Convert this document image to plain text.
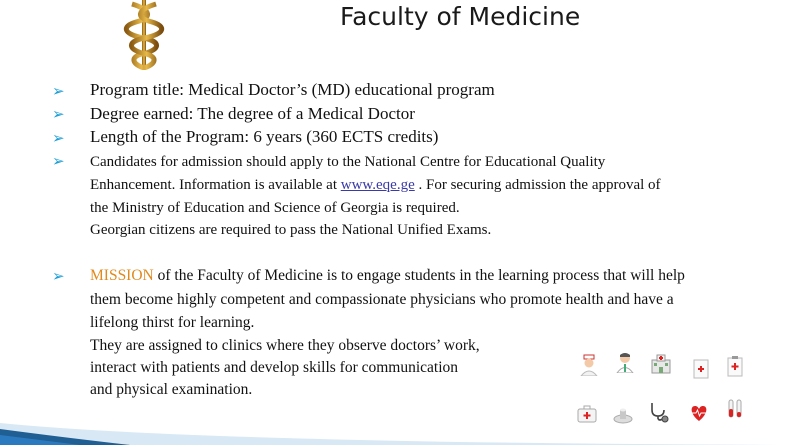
Faculty of Medicine
➢ Program title: Medical Doctor’s (MD) educational program
➢ Degree earned: The degree of a Medical Doctor
➢ Length of the Program: 6 years (360 ECTS credits)
➢ Candidates for admission should apply to the National Centre for Educational Quality
Enhancement. Information is available at www.eqe.ge . For securing admission the approval of
the Ministry of Education and Science of Georgia is required.
Georgian citizens are required to pass the National Unified Exams.
➢ MISSION of the Faculty of Medicine is to engage students in the learning process that will help
them become highly competent and compassionate physicians who promote health and have a
lifelong thirst for learning.
They are assigned to clinics where they observe doctors’ work,
interact with patients and develop skills for communication
and physical examination.
